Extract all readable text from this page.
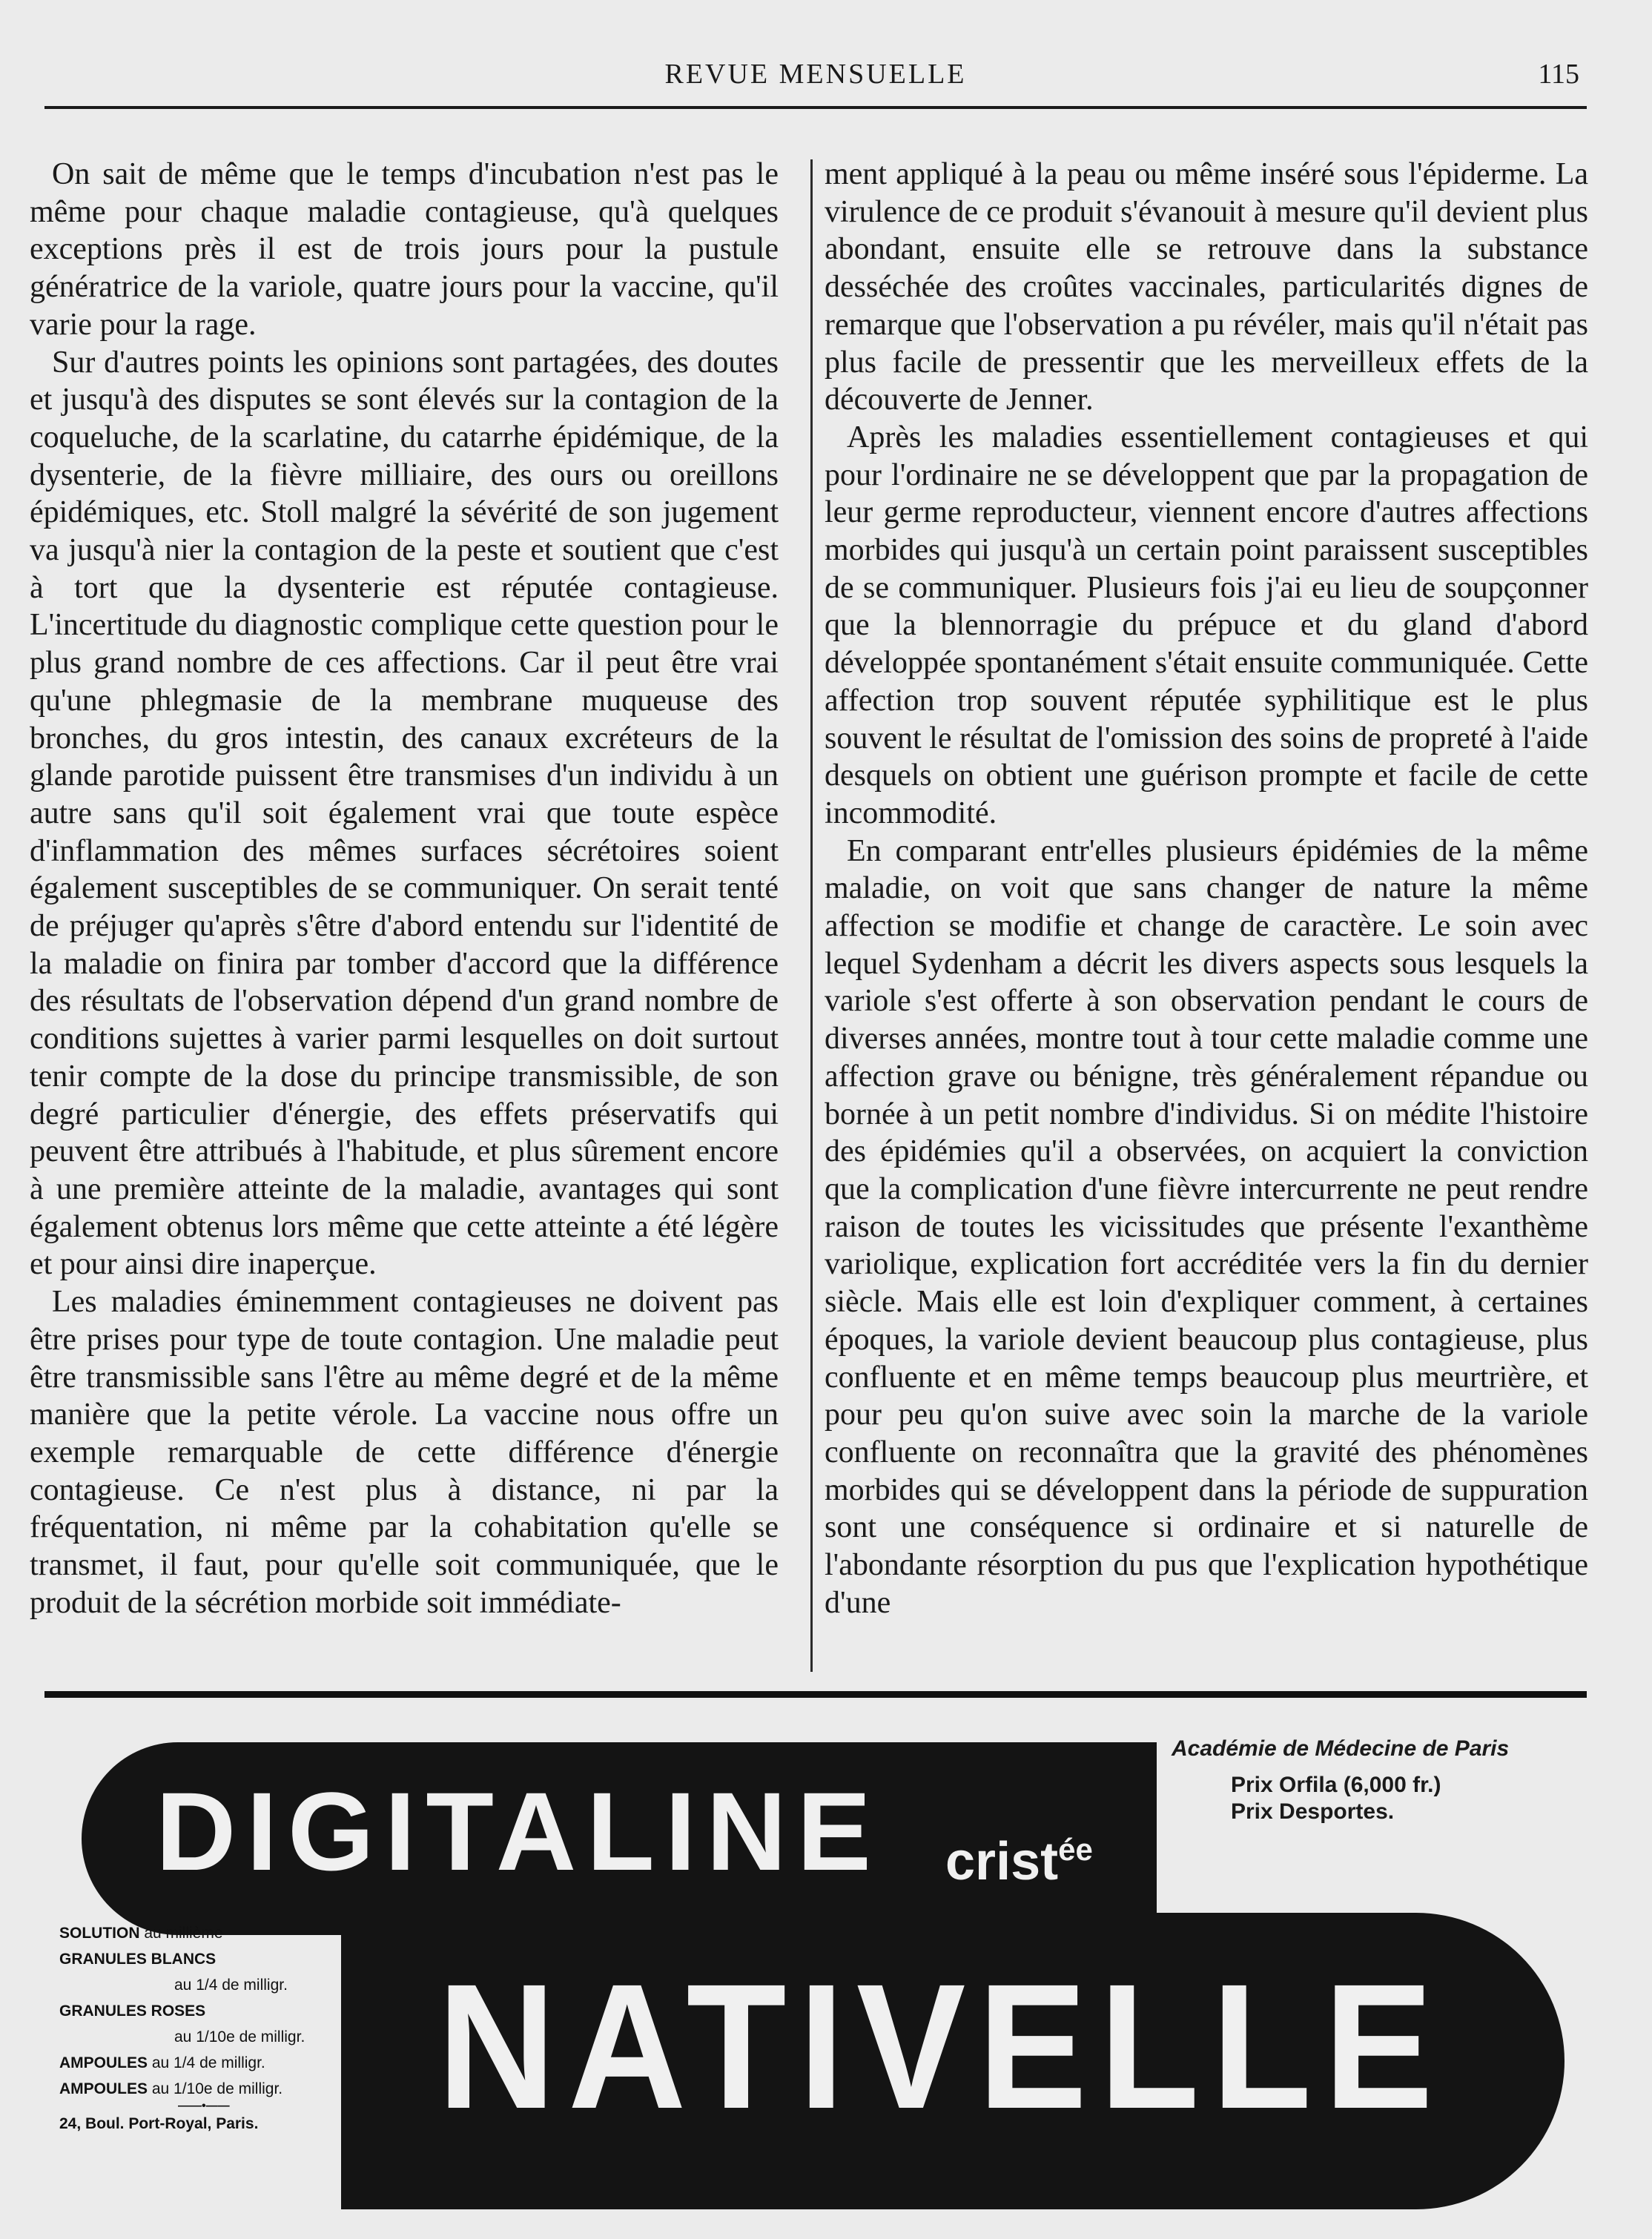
REVUE MENSUELLE	115

On sait de même que le temps d'incubation n'est pas le même pour chaque maladie contagieuse, qu'à quelques exceptions près il est de trois jours pour la pustule génératrice de la variole, quatre jours pour la vaccine, qu'il varie pour la rage.

Sur d'autres points les opinions sont partagées, des doutes et jusqu'à des disputes se sont élevés sur la contagion de la coqueluche, de la scarlatine, du catarrhe épidémique, de la dysenterie, de la fièvre milliaire, des ours ou oreillons épidémiques, etc. Stoll malgré la sévérité de son jugement va jusqu'à nier la contagion de la peste et soutient que c'est à tort que la dysenterie est réputée contagieuse. L'incertitude du diagnostic complique cette question pour le plus grand nombre de ces affections. Car il peut être vrai qu'une phlegmasie de la membrane muqueuse des bronches, du gros intestin, des canaux excréteurs de la glande parotide puissent être transmises d'un individu à un autre sans qu'il soit également vrai que toute espèce d'inflammation des mêmes surfaces sécrétoires soient également susceptibles de se communiquer. On serait tenté de préjuger qu'après s'être d'abord entendu sur l'identité de la maladie on finira par tomber d'accord que la différence des résultats de l'observation dépend d'un grand nombre de conditions sujettes à varier parmi lesquelles on doit surtout tenir compte de la dose du principe transmissible, de son degré particulier d'énergie, des effets préservatifs qui peuvent être attribués à l'habitude, et plus sûrement encore à une première atteinte de la maladie, avantages qui sont également obtenus lors même que cette atteinte a été légère et pour ainsi dire inaperçue.

Les maladies éminemment contagieuses ne doivent pas être prises pour type de toute contagion. Une maladie peut être transmissible sans l'être au même degré et de la même manière que la petite vérole. La vaccine nous offre un exemple remarquable de cette différence d'énergie contagieuse. Ce n'est plus à distance, ni par la fréquentation, ni même par la cohabitation qu'elle se transmet, il faut, pour qu'elle soit communiquée, que le produit de la sécrétion morbide soit immédiate-

ment appliqué à la peau ou même inséré sous l'épiderme. La virulence de ce produit s'évanouit à mesure qu'il devient plus abondant, ensuite elle se retrouve dans la substance desséchée des croûtes vaccinales, particularités dignes de remarque que l'observation a pu révéler, mais qu'il n'était pas plus facile de pressentir que les merveilleux effets de la découverte de Jenner.

Après les maladies essentiellement contagieuses et qui pour l'ordinaire ne se développent que par la propagation de leur germe reproducteur, viennent encore d'autres affections morbides qui jusqu'à un certain point paraissent susceptibles de se communiquer. Plusieurs fois j'ai eu lieu de soupçonner que la blennorragie du prépuce et du gland d'abord développée spontanément s'était ensuite communiquée. Cette affection trop souvent réputée syphilitique est le plus souvent le résultat de l'omission des soins de propreté à l'aide desquels on obtient une guérison prompte et facile de cette incommodité.

En comparant entr'elles plusieurs épidémies de la même maladie, on voit que sans changer de nature la même affection se modifie et change de caractère. Le soin avec lequel Sydenham a décrit les divers aspects sous lesquels la variole s'est offerte à son observation pendant le cours de diverses années, montre tout à tour cette maladie comme une affection grave ou bénigne, très généralement répandue ou bornée à un petit nombre d'individus. Si on médite l'histoire des épidémies qu'il a observées, on acquiert la conviction que la complication d'une fièvre intercurrente ne peut rendre raison de toutes les vicissitudes que présente l'exanthème variolique, explication fort accréditée vers la fin du dernier siècle. Mais elle est loin d'expliquer comment, à certaines époques, la variole devient beaucoup plus contagieuse, plus confluente et en même temps beaucoup plus meurtrière, et pour peu qu'on suive avec soin la marche de la variole confluente on reconnaîtra que la gravité des phénomènes morbides qui se développent dans la période de suppuration sont une conséquence si ordinaire et si naturelle de l'abondante résorption du pus que l'explication hypothétique d'une

DIGITALINE crist$^{ée}$
NATIVELLE
Académie de Médecine de Paris
Prix Orfila (6,000 fr.)
Prix Desportes.
SOLUTION au millième
GRANULES BLANCS
au 1/4 de milligr.
GRANULES ROSES
au 1/10e de milligr.
AMPOULES au 1/4 de milligr.
AMPOULES au 1/10e de milligr.
——•——
24, Boul. Port-Royal, Paris.
